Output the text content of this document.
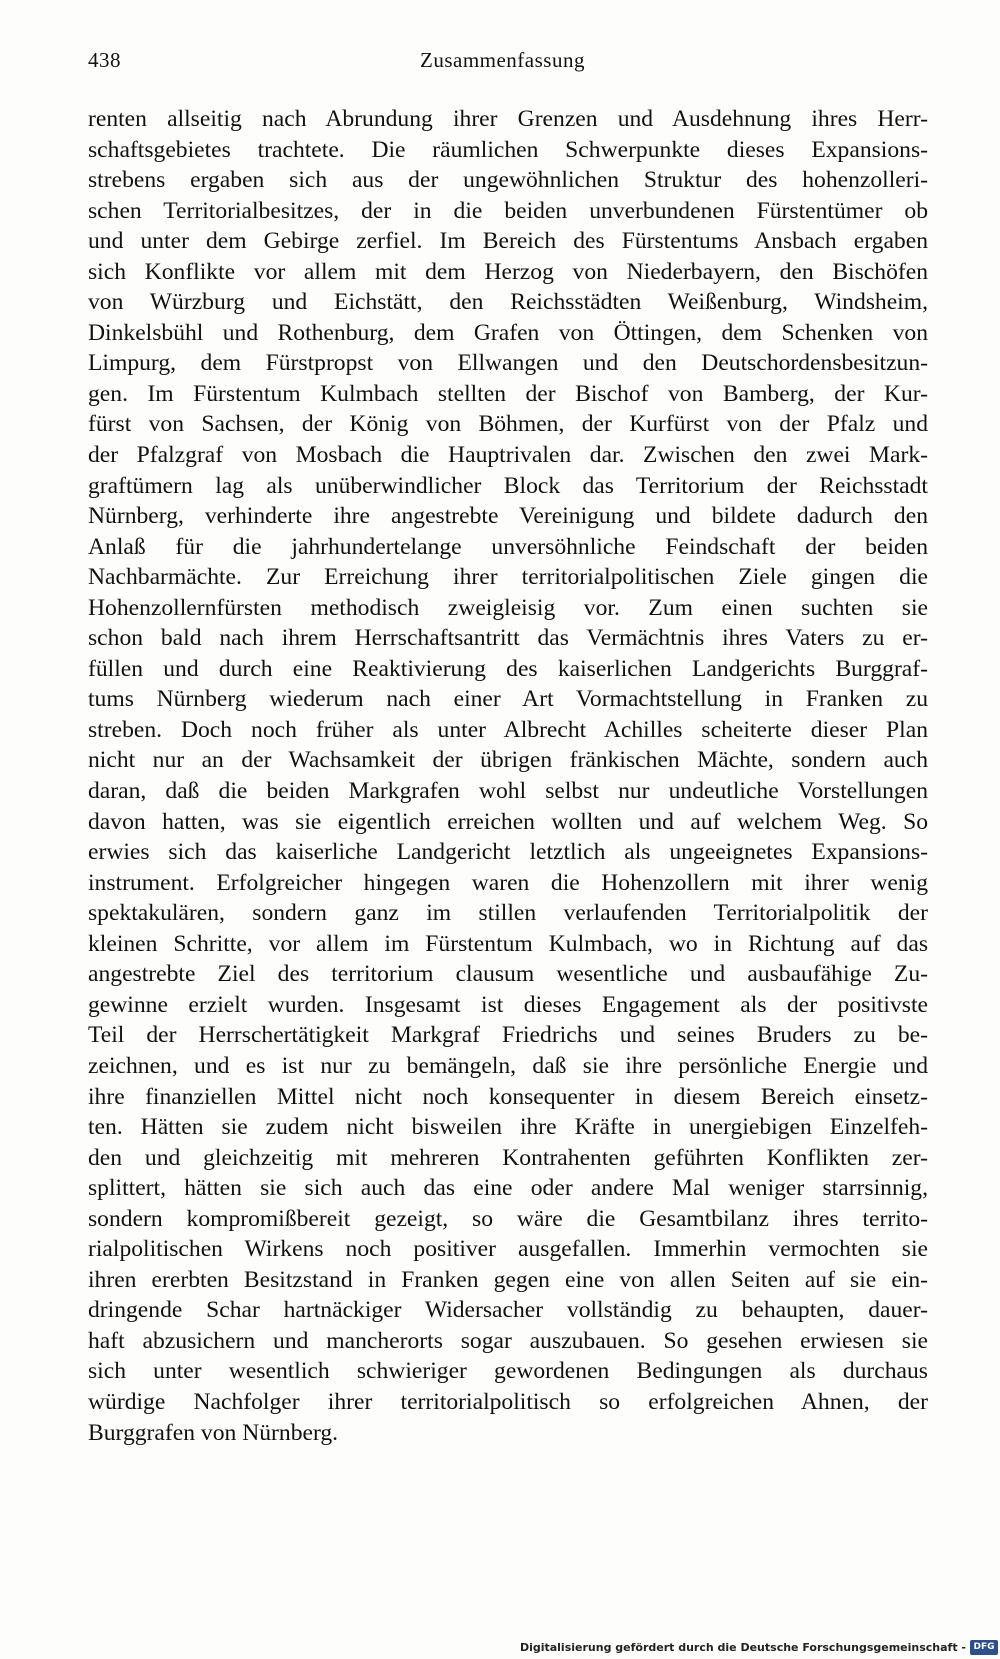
438	Zusammenfassung
renten allseitig nach Abrundung ihrer Grenzen und Ausdehnung ihres Herr-
schaftsgebietes trachtete. Die räumlichen Schwerpunkte dieses Expansions-
strebens ergaben sich aus der ungewöhnlichen Struktur des hohenzolleri-
schen Territorialbesitzes, der in die beiden unverbundenen Fürstentümer ob
und unter dem Gebirge zerfiel. Im Bereich des Fürstentums Ansbach ergaben
sich Konflikte vor allem mit dem Herzog von Niederbayern, den Bischöfen
von Würzburg und Eichstätt, den Reichsstädten Weißenburg, Windsheim,
Dinkelsbühl und Rothenburg, dem Grafen von Öttingen, dem Schenken von
Limpurg, dem Fürstpropst von Ellwangen und den Deutschordensbesitzun-
gen. Im Fürstentum Kulmbach stellten der Bischof von Bamberg, der Kur-
fürst von Sachsen, der König von Böhmen, der Kurfürst von der Pfalz und
der Pfalzgraf von Mosbach die Hauptrivalen dar. Zwischen den zwei Mark-
graftümern lag als unüberwindlicher Block das Territorium der Reichsstadt
Nürnberg, verhinderte ihre angestrebte Vereinigung und bildete dadurch den
Anlaß für die jahrhundertelange unversöhnliche Feindschaft der beiden
Nachbarmächte. Zur Erreichung ihrer territorialpolitischen Ziele gingen die
Hohenzollernfürsten methodisch zweigleisig vor. Zum einen suchten sie
schon bald nach ihrem Herrschaftsantritt das Vermächtnis ihres Vaters zu er-
füllen und durch eine Reaktivierung des kaiserlichen Landgerichts Burggraf-
tums Nürnberg wiederum nach einer Art Vormachtstellung in Franken zu
streben. Doch noch früher als unter Albrecht Achilles scheiterte dieser Plan
nicht nur an der Wachsamkeit der übrigen fränkischen Mächte, sondern auch
daran, daß die beiden Markgrafen wohl selbst nur undeutliche Vorstellungen
davon hatten, was sie eigentlich erreichen wollten und auf welchem Weg. So
erwies sich das kaiserliche Landgericht letztlich als ungeeignetes Expansions-
instrument. Erfolgreicher hingegen waren die Hohenzollern mit ihrer wenig
spektakulären, sondern ganz im stillen verlaufenden Territorialpolitik der
kleinen Schritte, vor allem im Fürstentum Kulmbach, wo in Richtung auf das
angestrebte Ziel des territorium clausum wesentliche und ausbaufähige Zu-
gewinne erzielt wurden. Insgesamt ist dieses Engagement als der positivste
Teil der Herrschertätigkeit Markgraf Friedrichs und seines Bruders zu be-
zeichnen, und es ist nur zu bemängeln, daß sie ihre persönliche Energie und
ihre finanziellen Mittel nicht noch konsequenter in diesem Bereich einsetz-
ten. Hätten sie zudem nicht bisweilen ihre Kräfte in unergiebigen Einzelfeh-
den und gleichzeitig mit mehreren Kontrahenten geführten Konflikten zer-
splittert, hätten sie sich auch das eine oder andere Mal weniger starrsinnig,
sondern kompromißbereit gezeigt, so wäre die Gesamtbilanz ihres territo-
rialpolitischen Wirkens noch positiver ausgefallen. Immerhin vermochten sie
ihren ererbten Besitzstand in Franken gegen eine von allen Seiten auf sie ein-
dringende Schar hartnäckiger Widersacher vollständig zu behaupten, dauer-
haft abzusichern und mancherorts sogar auszubauen. So gesehen erwiesen sie
sich unter wesentlich schwieriger gewordenen Bedingungen als durchaus
würdige Nachfolger ihrer territorialpolitisch so erfolgreichen Ahnen, der
Burggrafen von Nürnberg.
Digitalisierung gefördert durch die Deutsche Forschungsgemeinschaft - DFG
